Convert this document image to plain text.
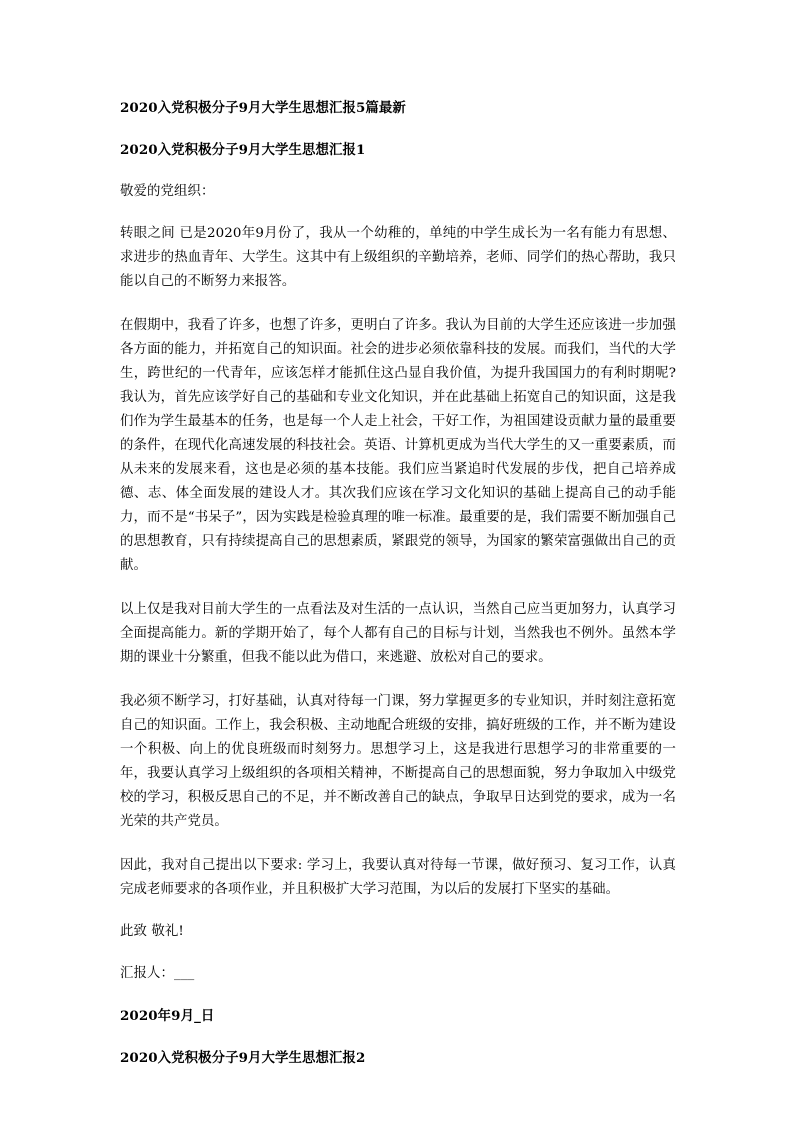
2020入党积极分子9月大学生思想汇报5篇最新

2020入党积极分子9月大学生思想汇报1

敬爱的党组织：

转眼之间 已是2020年9月份了，我从一个幼稚的，单纯的中学生成长为一名有能力有思想、求进步的热血青年、大学生。这其中有上级组织的辛勤培养，老师、同学们的热心帮助，我只能以自己的不断努力来报答。

在假期中，我看了许多，也想了许多，更明白了许多。我认为目前的大学生还应该进一步加强各方面的能力，并拓宽自己的知识面。社会的进步必须依靠科技的发展。而我们，当代的大学生，跨世纪的一代青年，应该怎样才能抓住这凸显自我价值，为提升我国国力的有利时期呢?我认为，首先应该学好自己的基础和专业文化知识，并在此基础上拓宽自己的知识面，这是我们作为学生最基本的任务，也是每一个人走上社会，干好工作，为祖国建设贡献力量的最重要的条件，在现代化高速发展的科技社会。英语、计算机更成为当代大学生的又一重要素质，而从未来的发展来看，这也是必须的基本技能。我们应当紧追时代发展的步伐，把自己培养成德、志、体全面发展的建设人才。其次我们应该在学习文化知识的基础上提高自己的动手能力，而不是“书呆子”，因为实践是检验真理的唯一标准。最重要的是，我们需要不断加强自己的思想教育，只有持续提高自己的思想素质，紧跟党的领导，为国家的繁荣富强做出自己的贡献。

以上仅是我对目前大学生的一点看法及对生活的一点认识，当然自己应当更加努力，认真学习全面提高能力。新的学期开始了，每个人都有自己的目标与计划，当然我也不例外。虽然本学期的课业十分繁重，但我不能以此为借口，来逃避、放松对自己的要求。

我必须不断学习，打好基础，认真对待每一门课，努力掌握更多的专业知识，并时刻注意拓宽自己的知识面。工作上，我会积极、主动地配合班级的安排，搞好班级的工作，并不断为建设一个积极、向上的优良班级而时刻努力。思想学习上，这是我进行思想学习的非常重要的一年，我要认真学习上级组织的各项相关精神，不断提高自己的思想面貌，努力争取加入中级党校的学习，积极反思自己的不足，并不断改善自己的缺点，争取早日达到党的要求，成为一名光荣的共产党员。

因此，我对自己提出以下要求: 学习上，我要认真对待每一节课，做好预习、复习工作，认真完成老师要求的各项作业，并且积极扩大学习范围，为以后的发展打下坚实的基础。

此致 敬礼!

汇报人：___

2020年9月_日

2020入党积极分子9月大学生思想汇报2
